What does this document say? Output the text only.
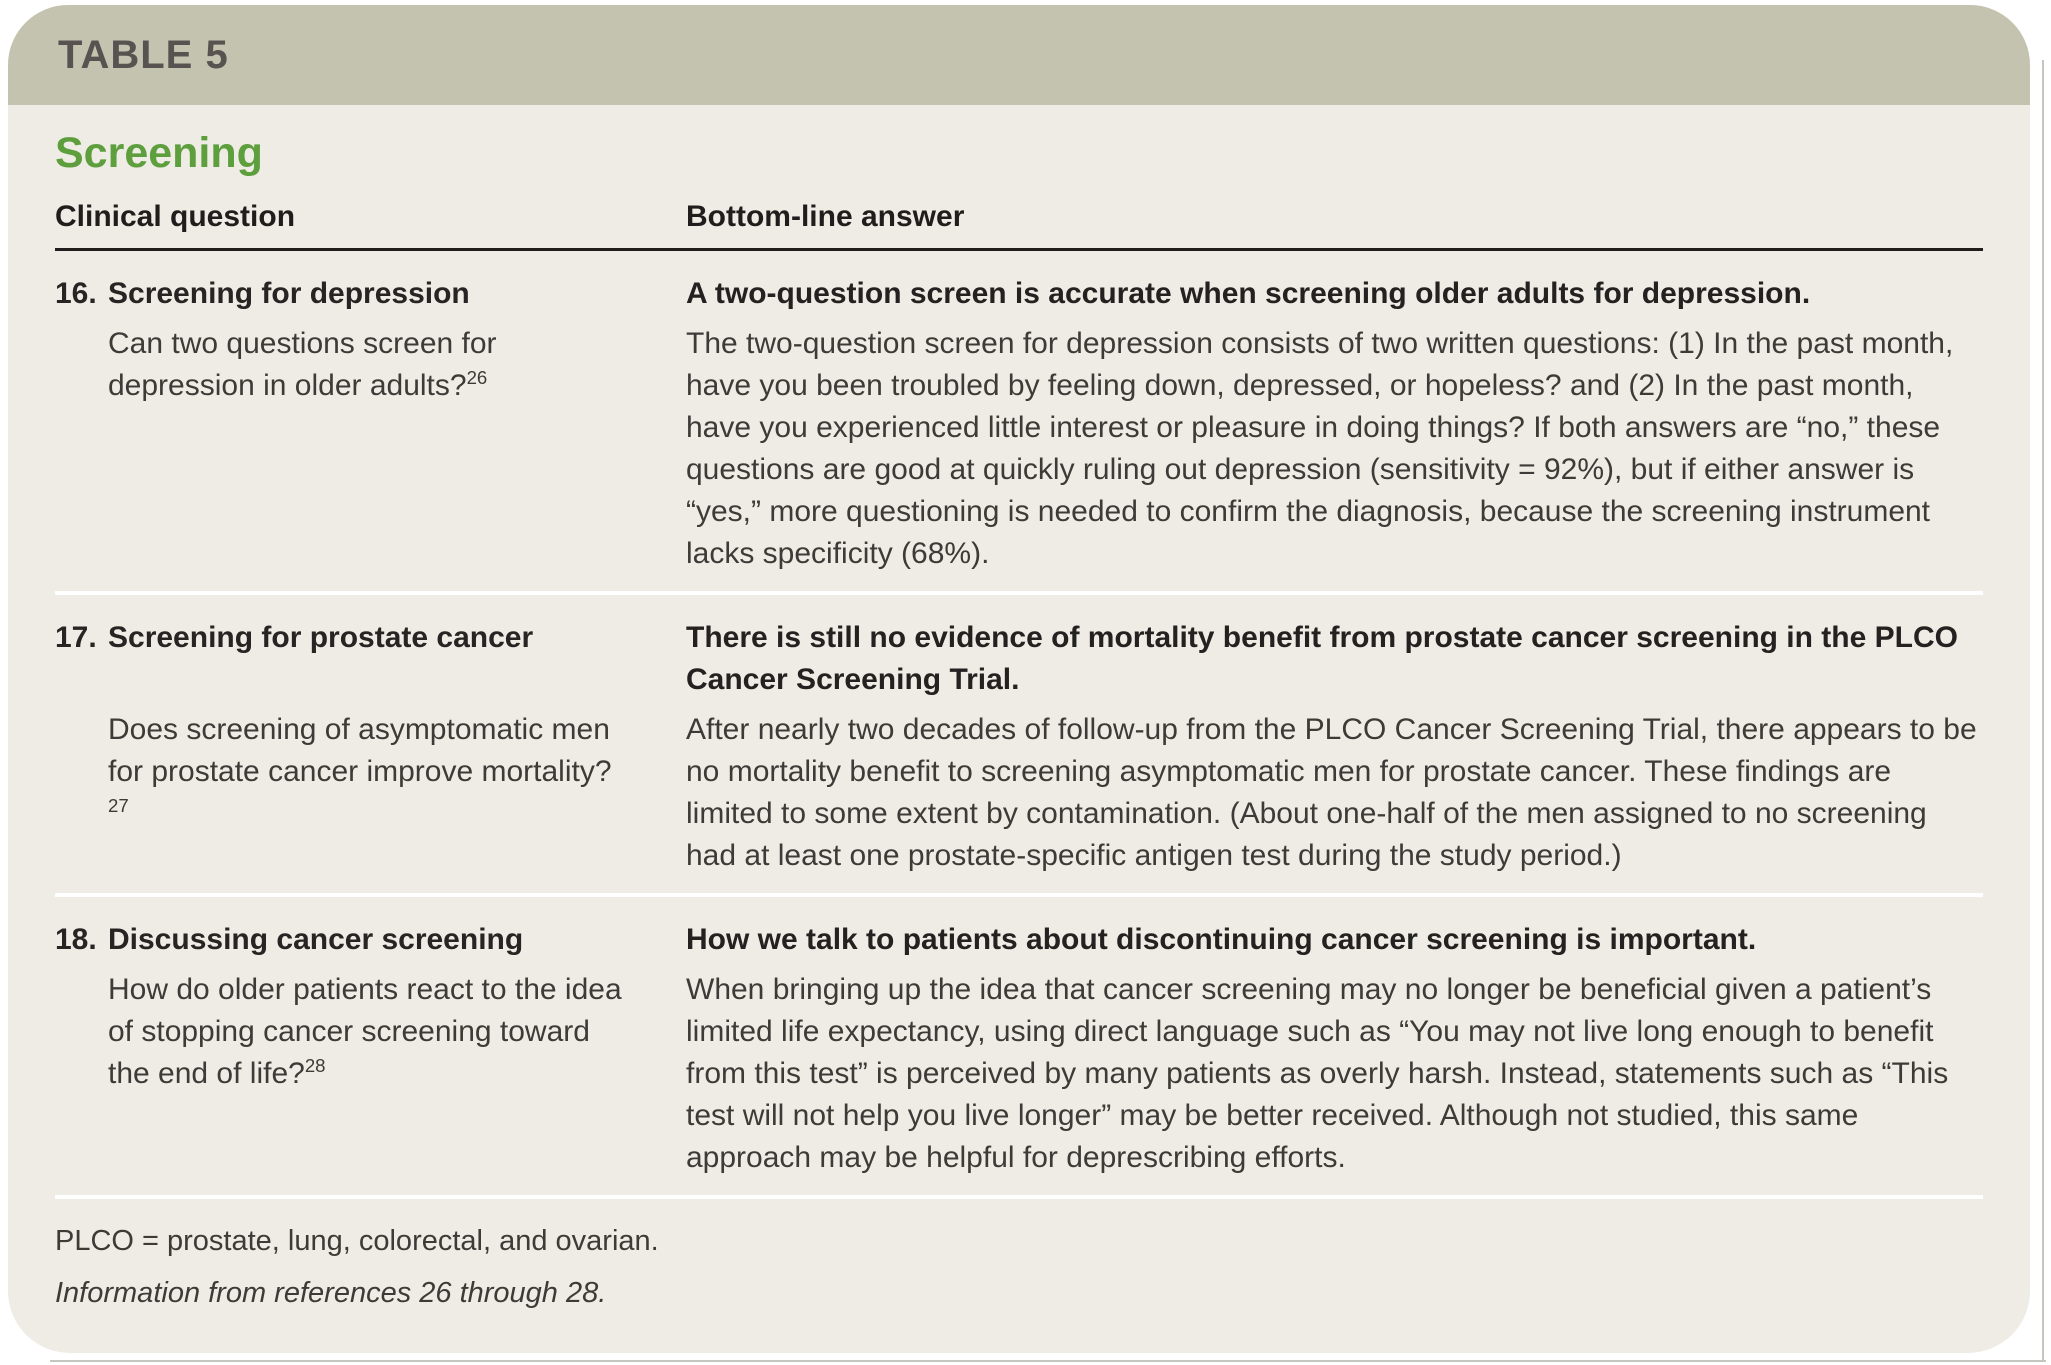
TABLE 5
Screening
Clinical question	Bottom-line answer
16. Screening for depression	A two-question screen is accurate when screening older adults for depression.
Can two questions screen for depression in older adults?$^{26}$
The two-question screen for depression consists of two written questions: (1) In the past month, have you been troubled by feeling down, depressed, or hopeless? and (2) In the past month, have you experienced little interest or pleasure in doing things? If both answers are “no,” these questions are good at quickly ruling out depression (sensitivity = 92%), but if either answer is “yes,” more questioning is needed to confirm the diagnosis, because the screening instrument lacks specificity (68%).
17. Screening for prostate cancer	There is still no evidence of mortality benefit from prostate cancer screening in the PLCO Cancer Screening Trial.
Does screening of asymptomatic men for prostate cancer improve mortality?$^{27}$
After nearly two decades of follow-up from the PLCO Cancer Screening Trial, there appears to be no mortality benefit to screening asymptomatic men for prostate cancer. These findings are limited to some extent by contamination. (About one-half of the men assigned to no screening had at least one prostate-specific antigen test during the study period.)
18. Discussing cancer screening	How we talk to patients about discontinuing cancer screening is important.
How do older patients react to the idea of stopping cancer screening toward the end of life?$^{28}$
When bringing up the idea that cancer screening may no longer be beneficial given a patient’s limited life expectancy, using direct language such as “You may not live long enough to benefit from this test” is perceived by many patients as overly harsh. Instead, statements such as “This test will not help you live longer” may be better received. Although not studied, this same approach may be helpful for deprescribing efforts.
PLCO = prostate, lung, colorectal, and ovarian.
Information from references 26 through 28.
